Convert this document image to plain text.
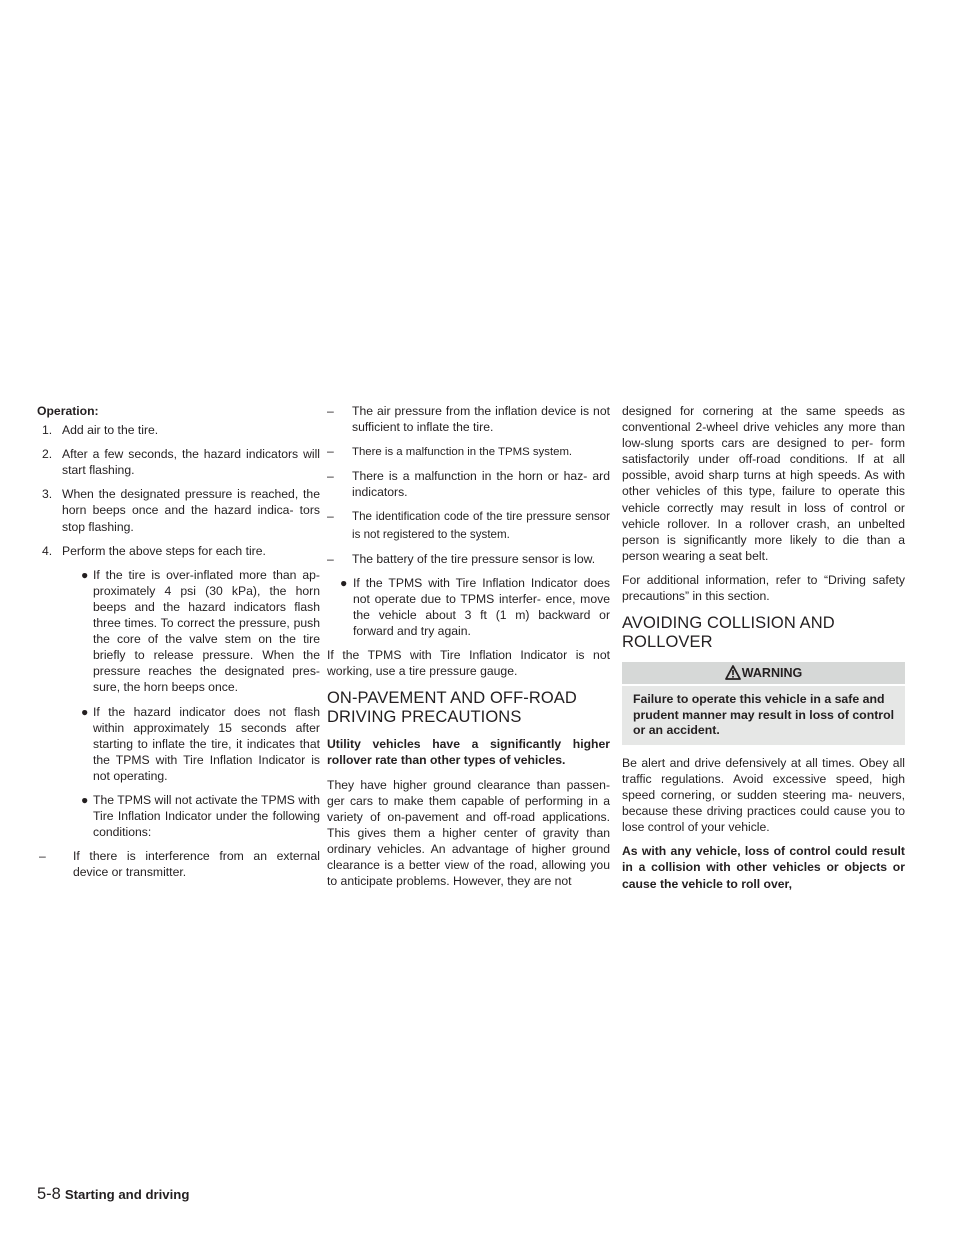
Operation:

1. Add air to the tire.
2. After a few seconds, the hazard indicators will start flashing.
3. When the designated pressure is reached, the horn beeps once and the hazard indica- tors stop flashing.
4. Perform the above steps for each tire.
● If the tire is over-inflated more than ap- proximately 4 psi (30 kPa), the horn beeps and the hazard indicators flash three times. To correct the pressure, push the core of the valve stem on the tire briefly to release pressure. When the pressure reaches the designated pres- sure, the horn beeps once.
● If the hazard indicator does not flash within approximately 15 seconds after starting to inflate the tire, it indicates that the TPMS with Tire Inflation Indicator is not operating.
● The TPMS will not activate the TPMS with Tire Inflation Indicator under the following conditions:
– If there is interference from an external device or transmitter.
– The air pressure from the inflation device is not sufficient to inflate the tire.
– There is a malfunction in the TPMS system.
– There is a malfunction in the horn or haz- ard indicators.
– The identification code of the tire pressure sensor is not registered to the system.
– The battery of the tire pressure sensor is low.
● If the TPMS with Tire Inflation Indicator does not operate due to TPMS interfer- ence, move the vehicle about 3 ft (1 m) backward or forward and try again.

If the TPMS with Tire Inflation Indicator is not working, use a tire pressure gauge.

ON-PAVEMENT AND OFF-ROAD DRIVING PRECAUTIONS

Utility vehicles have a significantly higher rollover rate than other types of vehicles.

They have higher ground clearance than passen- ger cars to make them capable of performing in a variety of on-pavement and off-road applications. This gives them a higher center of gravity than ordinary vehicles. An advantage of higher ground clearance is a better view of the road, allowing you to anticipate problems. However, they are not

designed for cornering at the same speeds as conventional 2-wheel drive vehicles any more than low-slung sports cars are designed to per- form satisfactorily under off-road conditions. If at all possible, avoid sharp turns at high speeds. As with other vehicles of this type, failure to operate this vehicle correctly may result in loss of control or vehicle rollover. In a rollover crash, an unbelted person is significantly more likely to die than a person wearing a seat belt.

For additional information, refer to “Driving safety precautions” in this section.

AVOIDING COLLISION AND ROLLOVER
WARNING
Failure to operate this vehicle in a safe and prudent manner may result in loss of control or an accident.

Be alert and drive defensively at all times. Obey all traffic regulations. Avoid excessive speed, high speed cornering, or sudden steering ma- neuvers, because these driving practices could cause you to lose control of your vehicle.

As with any vehicle, loss of control could result in a collision with other vehicles or objects or cause the vehicle to roll over,

5-8 Starting and driving
